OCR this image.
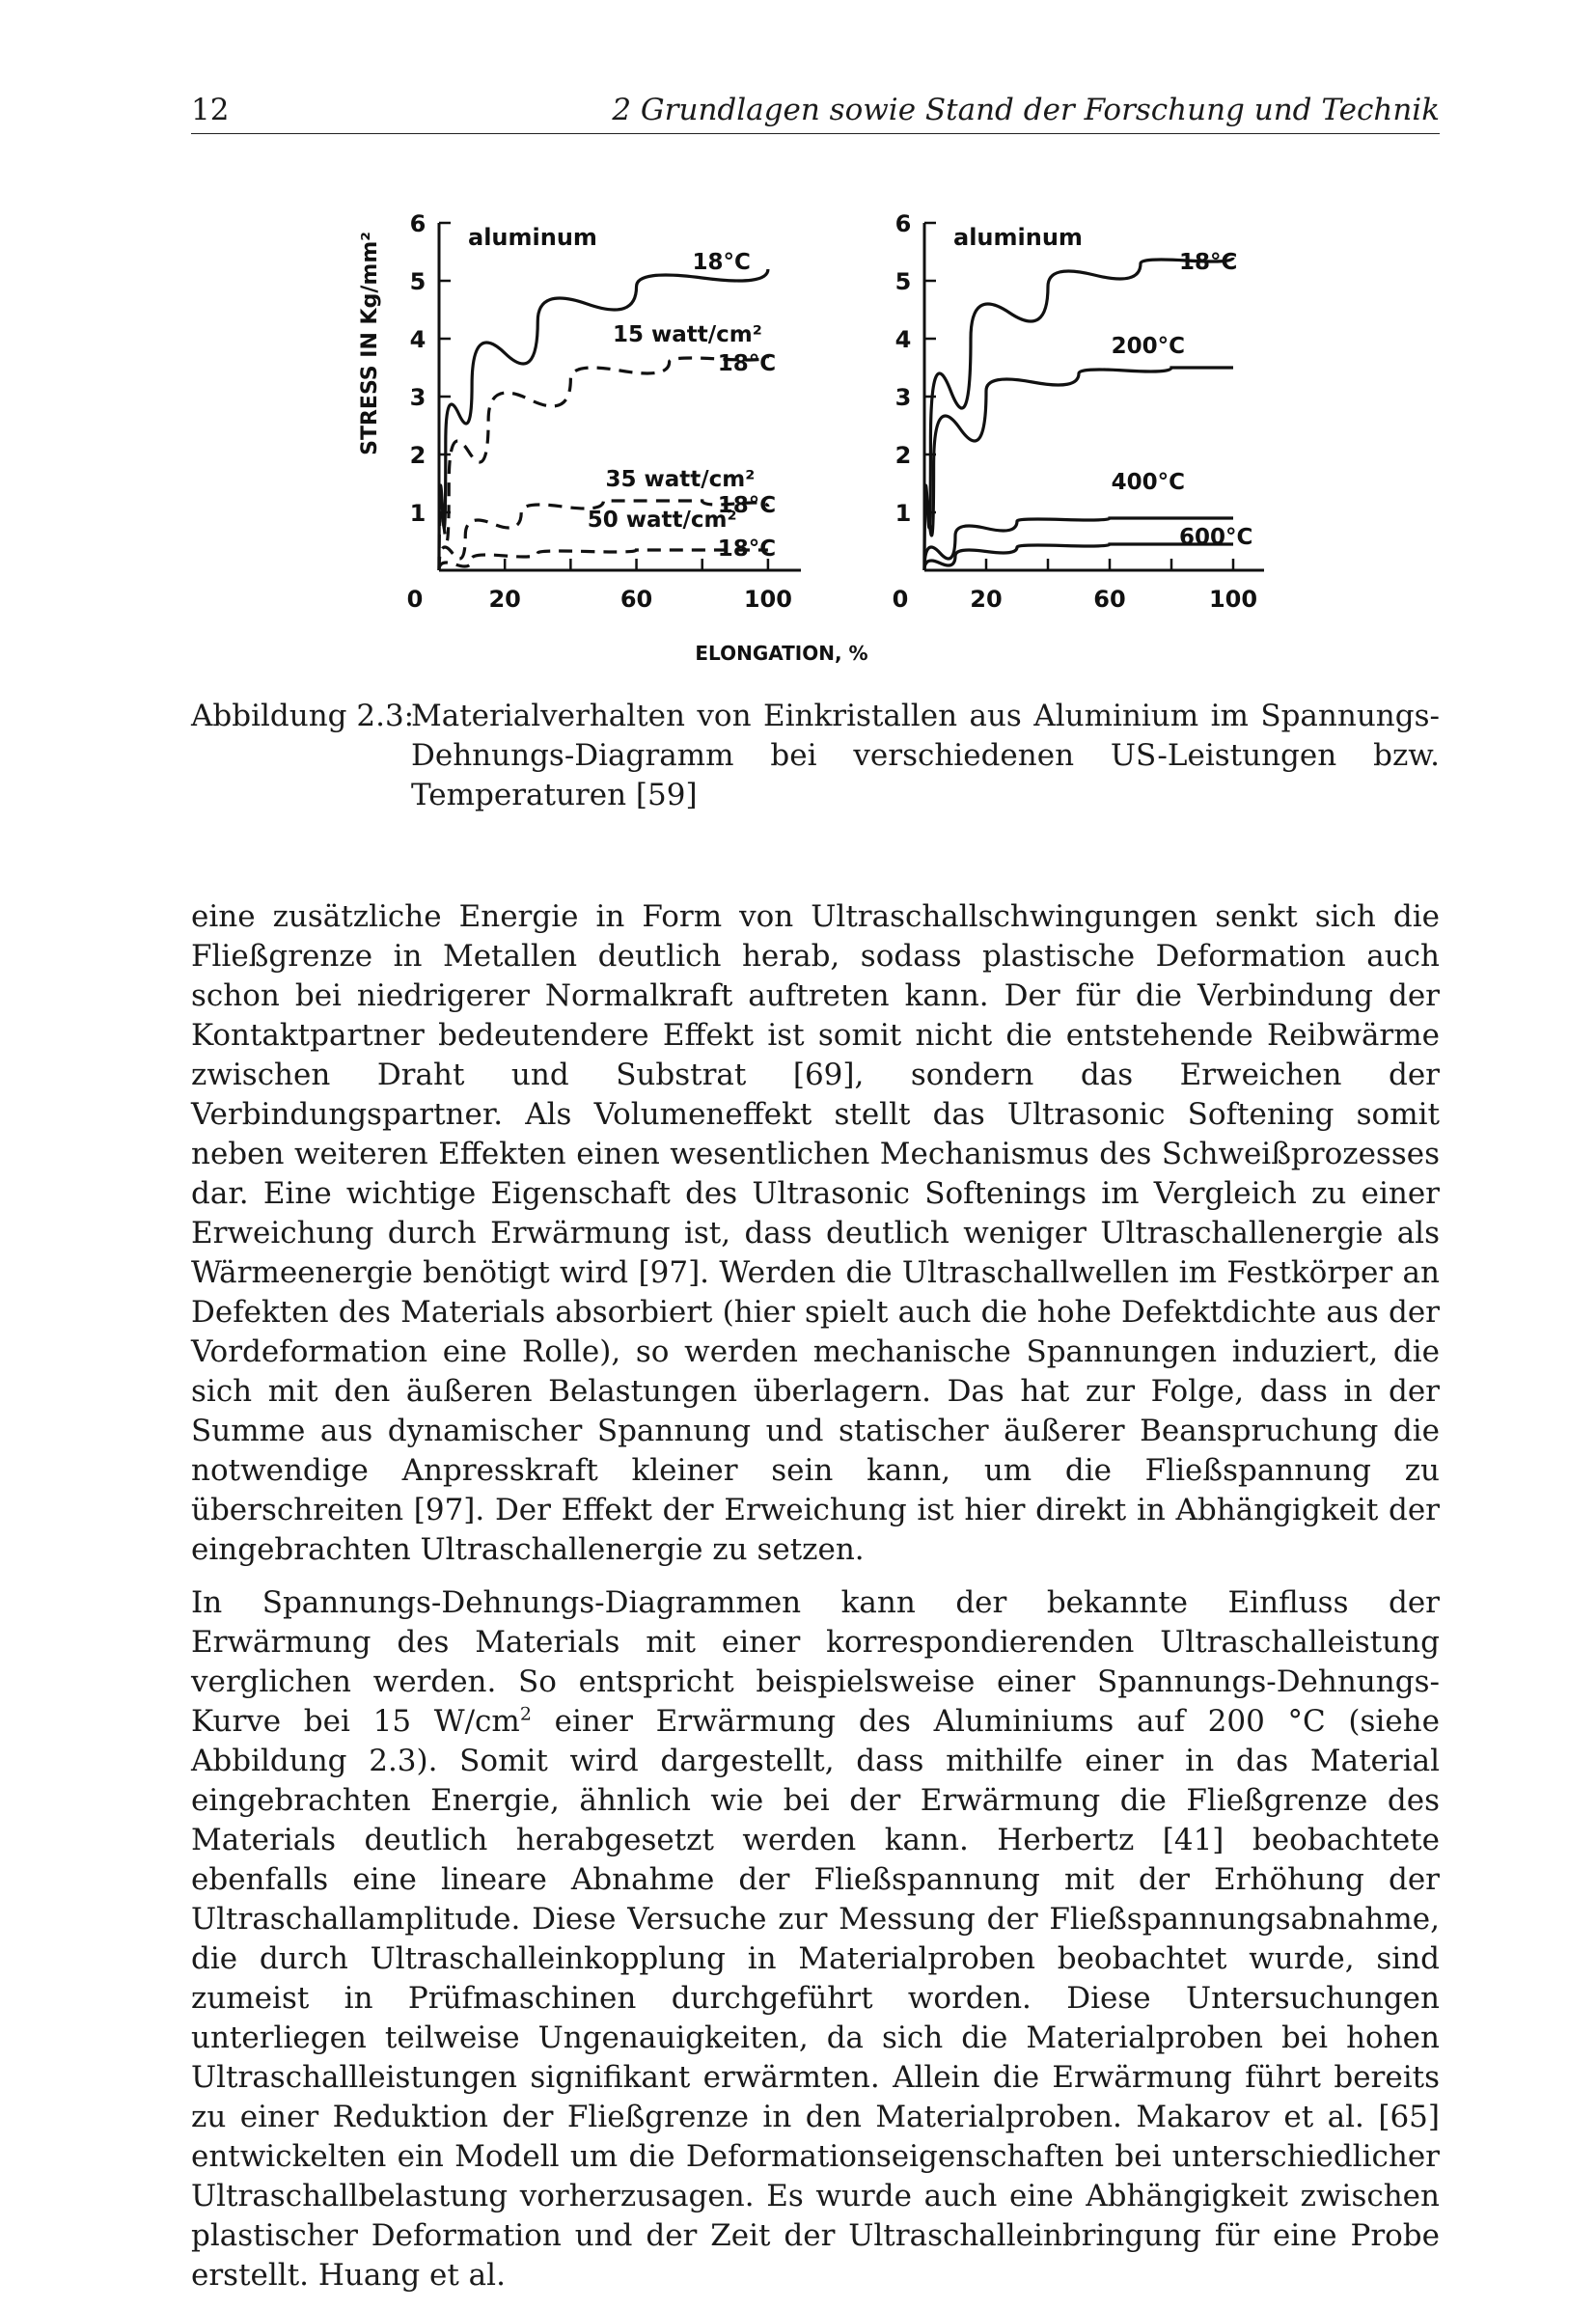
12	2 Grundlagen sowie Stand der Forschung und Technik
STRESS IN Kg/mm²	aluminum	aluminum
ELONGATION, %
1
2
3
4
5
6
0	20	60	100
18°C
15 watt/cm²
18°C
35 watt/cm²
18°C
50 watt/cm²
18°C
1
2
3
4
5
6
0	20	60	100
18°C
200°C
400°C
600°C
Abbildung 2.3:
Materialverhalten von Einkristallen aus Aluminium im Spannungs-Dehnungs-Diagramm bei verschiedenen US-Leistungen bzw. Temperaturen [59]

eine zusätzliche Energie in Form von Ultraschallschwingungen senkt sich die Fließgrenze in Metallen deutlich herab, sodass plastische Deformation auch schon bei niedrigerer Normalkraft auftreten kann. Der für die Verbindung der Kontaktpartner bedeutendere Effekt ist somit nicht die entstehende Reibwärme zwischen Draht und Substrat [69], sondern das Erweichen der Verbindungspartner. Als Volumeneffekt stellt das Ultrasonic Softening somit neben weiteren Effekten einen wesentlichen Mechanismus des Schweißprozesses dar. Eine wichtige Eigenschaft des Ultrasonic Softenings im Vergleich zu einer Erweichung durch Erwärmung ist, dass deutlich weniger Ultraschallenergie als Wärmeenergie benötigt wird [97]. Werden die Ultraschallwellen im Festkörper an Defekten des Materials absorbiert (hier spielt auch die hohe Defektdichte aus der Vordeformation eine Rolle), so werden mechanische Spannungen induziert, die sich mit den äußeren Belastungen überlagern. Das hat zur Folge, dass in der Summe aus dynamischer Spannung und statischer äußerer Beanspruchung die notwendige Anpresskraft kleiner sein kann, um die Fließspannung zu überschreiten [97]. Der Effekt der Erweichung ist hier direkt in Abhängigkeit der eingebrachten Ultraschallenergie zu setzen.

In Spannungs-Dehnungs-Diagrammen kann der bekannte Einfluss der Erwärmung des Materials mit einer korrespondierenden Ultraschalleistung verglichen werden. So entspricht beispielsweise einer Spannungs-Dehnungs-Kurve bei 15 $W/cm^2$ einer Erwärmung des Aluminiums auf 200 °C (siehe Abbildung 2.3). Somit wird dargestellt, dass mithilfe einer in das Material eingebrachten Energie, ähnlich wie bei der Erwärmung die Fließgrenze des Materials deutlich herabgesetzt werden kann. Herbertz [41] beobachtete ebenfalls eine lineare Abnahme der Fließspannung mit der Erhöhung der Ultraschallamplitude. Diese Versuche zur Messung der Fließspannungsabnahme, die durch Ultraschalleinkopplung in Materialproben beobachtet wurde, sind zumeist in Prüfmaschinen durchgeführt worden. Diese Untersuchungen unterliegen teilweise Ungenauigkeiten, da sich die Materialproben bei hohen Ultraschallleistungen signifikant erwärmten. Allein die Erwärmung führt bereits zu einer Reduktion der Fließgrenze in den Materialproben. Makarov et al. [65] entwickelten ein Modell um die Deformationseigenschaften bei unterschiedlicher Ultraschallbelastung vorherzusagen. Es wurde auch eine Abhängigkeit zwischen plastischer Deformation und der Zeit der Ultraschalleinbringung für eine Probe erstellt. Huang et al.
